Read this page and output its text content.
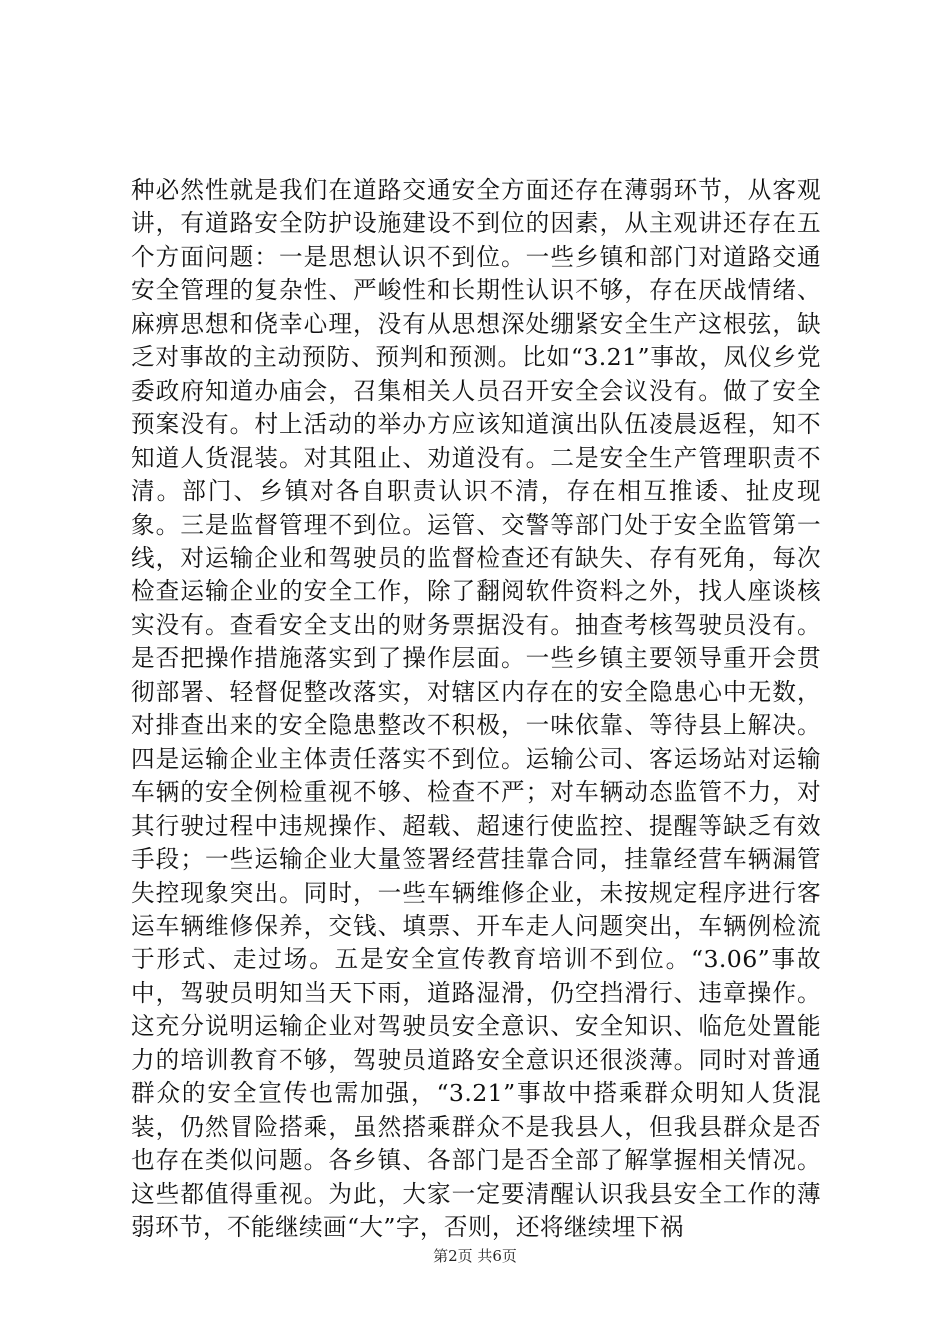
种必然性就是我们在道路交通安全方面还存在薄弱环节，从客观讲，有道路安全防护设施建设不到位的因素，从主观讲还存在五个方面问题：一是思想认识不到位。一些乡镇和部门对道路交通安全管理的复杂性、严峻性和长期性认识不够，存在厌战情绪、麻痹思想和侥幸心理，没有从思想深处绷紧安全生产这根弦，缺乏对事故的主动预防、预判和预测。比如“3.21”事故，凤仪乡党委政府知道办庙会，召集相关人员召开安全会议没有。做了安全预案没有。村上活动的举办方应该知道演出队伍凌晨返程，知不知道人货混装。对其阻止、劝道没有。二是安全生产管理职责不清。部门、乡镇对各自职责认识不清，存在相互推诿、扯皮现象。三是监督管理不到位。运管、交警等部门处于安全监管第一线，对运输企业和驾驶员的监督检查还有缺失、存有死角，每次检查运输企业的安全工作，除了翻阅软件资料之外，找人座谈核实没有。查看安全支出的财务票据没有。抽查考核驾驶员没有。是否把操作措施落实到了操作层面。一些乡镇主要领导重开会贯彻部署、轻督促整改落实，对辖区内存在的安全隐患心中无数，对排查出来的安全隐患整改不积极，一味依靠、等待县上解决。四是运输企业主体责任落实不到位。运输公司、客运场站对运输车辆的安全例检重视不够、检查不严；对车辆动态监管不力，对其行驶过程中违规操作、超载、超速行使监控、提醒等缺乏有效手段；一些运输企业大量签署经营挂靠合同，挂靠经营车辆漏管失控现象突出。同时，一些车辆维修企业，未按规定程序进行客运车辆维修保养，交钱、填票、开车走人问题突出，车辆例检流于形式、走过场。五是安全宣传教育培训不到位。“3.06”事故中，驾驶员明知当天下雨，道路湿滑，仍空挡滑行、违章操作。这充分说明运输企业对驾驶员安全意识、安全知识、临危处置能力的培训教育不够，驾驶员道路安全意识还很淡薄。同时对普通群众的安全宣传也需加强，“3.21”事故中搭乘群众明知人货混装，仍然冒险搭乘，虽然搭乘群众不是我县人，但我县群众是否也存在类似问题。各乡镇、各部门是否全部了解掌握相关情况。这些都值得重视。为此，大家一定要清醒认识我县安全工作的薄弱环节，不能继续画“大”字，否则，还将继续埋下祸

第2页 共6页
